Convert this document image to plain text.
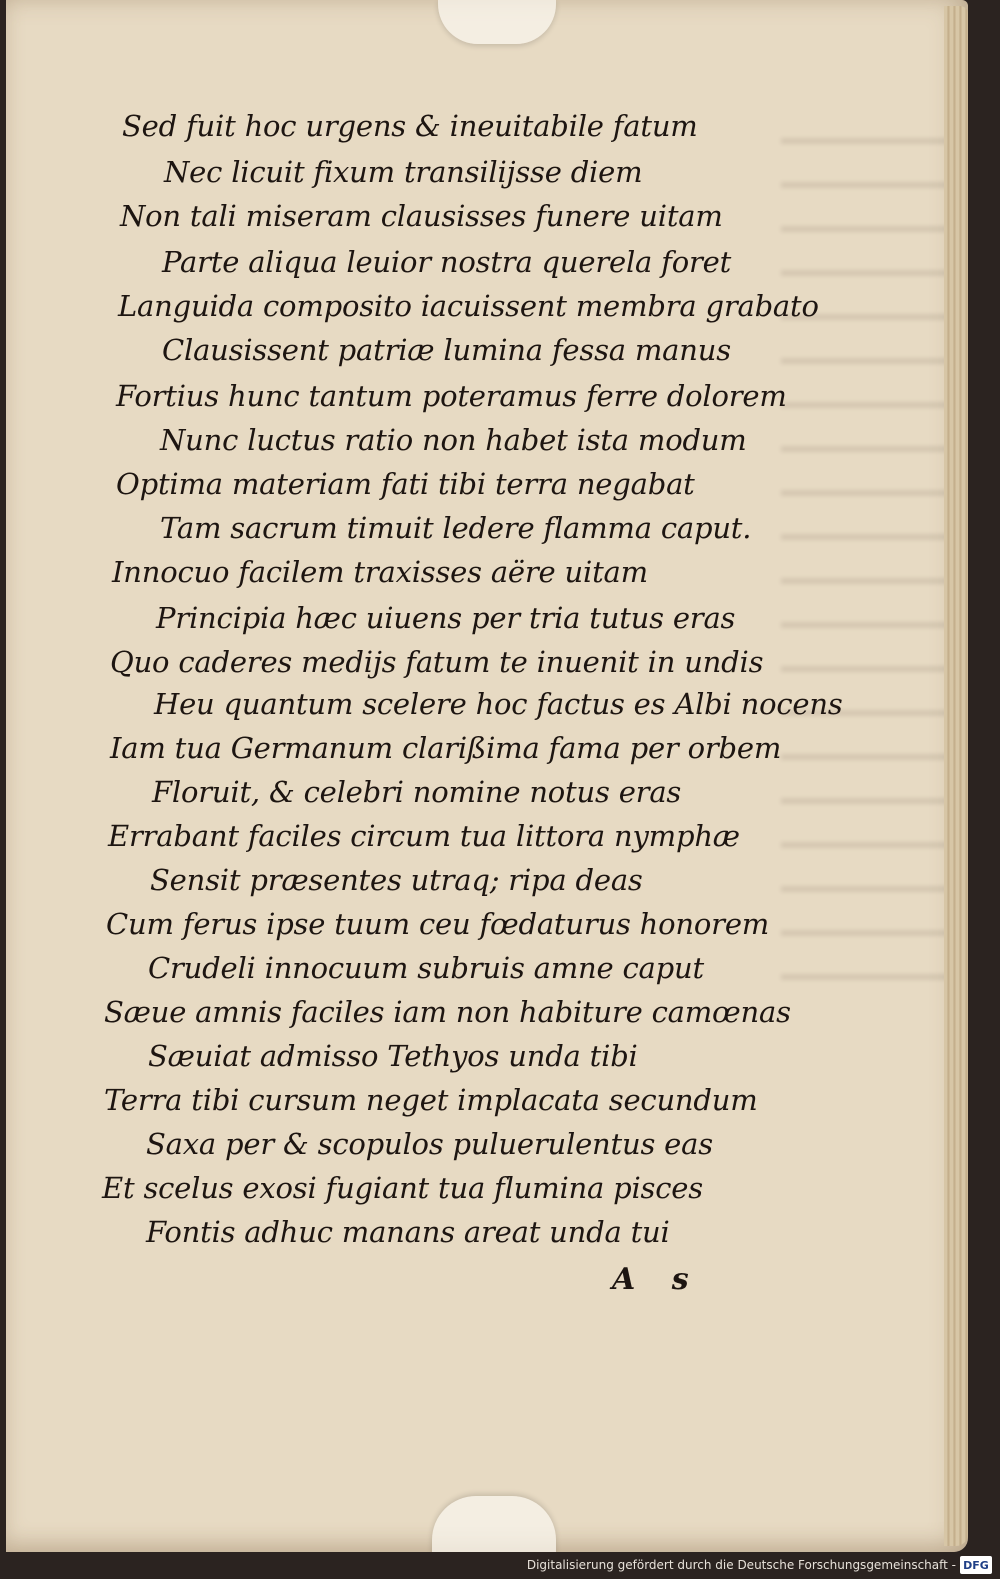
Sed fuit hoc urgens & ineuitabile fatum
Nec licuit fixum transilijsse diem
Non tali miseram clausisses funere uitam
Parte aliqua leuior nostra querela foret
Languida composito iacuissent membra grabato
Clausissent patriæ lumina fessa manus
Fortius hunc tantum poteramus ferre dolorem
Nunc luctus ratio non habet ista modum
Optima materiam fati tibi terra negabat
Tam sacrum timuit ledere flamma caput.
Innocuo facilem traxisses aëre uitam
Principia hæc uiuens per tria tutus eras
Quo caderes medijs fatum te inuenit in undis
Heu quantum scelere hoc factus es Albi nocens
Iam tua Germanum clarißima fama per orbem
Floruit, & celebri nomine notus eras
Errabant faciles circum tua littora nymphæ
Sensit præsentes utraq; ripa deas
Cum ferus ipse tuum ceu fœdaturus honorem
Crudeli innocuum subruis amne caput
Sæue amnis faciles iam non habiture camœnas
Sæuiat admisso Tethyos unda tibi
Terra tibi cursum neget implacata secundum
Saxa per & scopulos puluerulentus eas
Et scelus exosi fugiant tua flumina pisces
Fontis adhuc manans areat unda tui
A s
Digitalisierung gefördert durch die Deutsche Forschungsgemeinschaft - DFG
